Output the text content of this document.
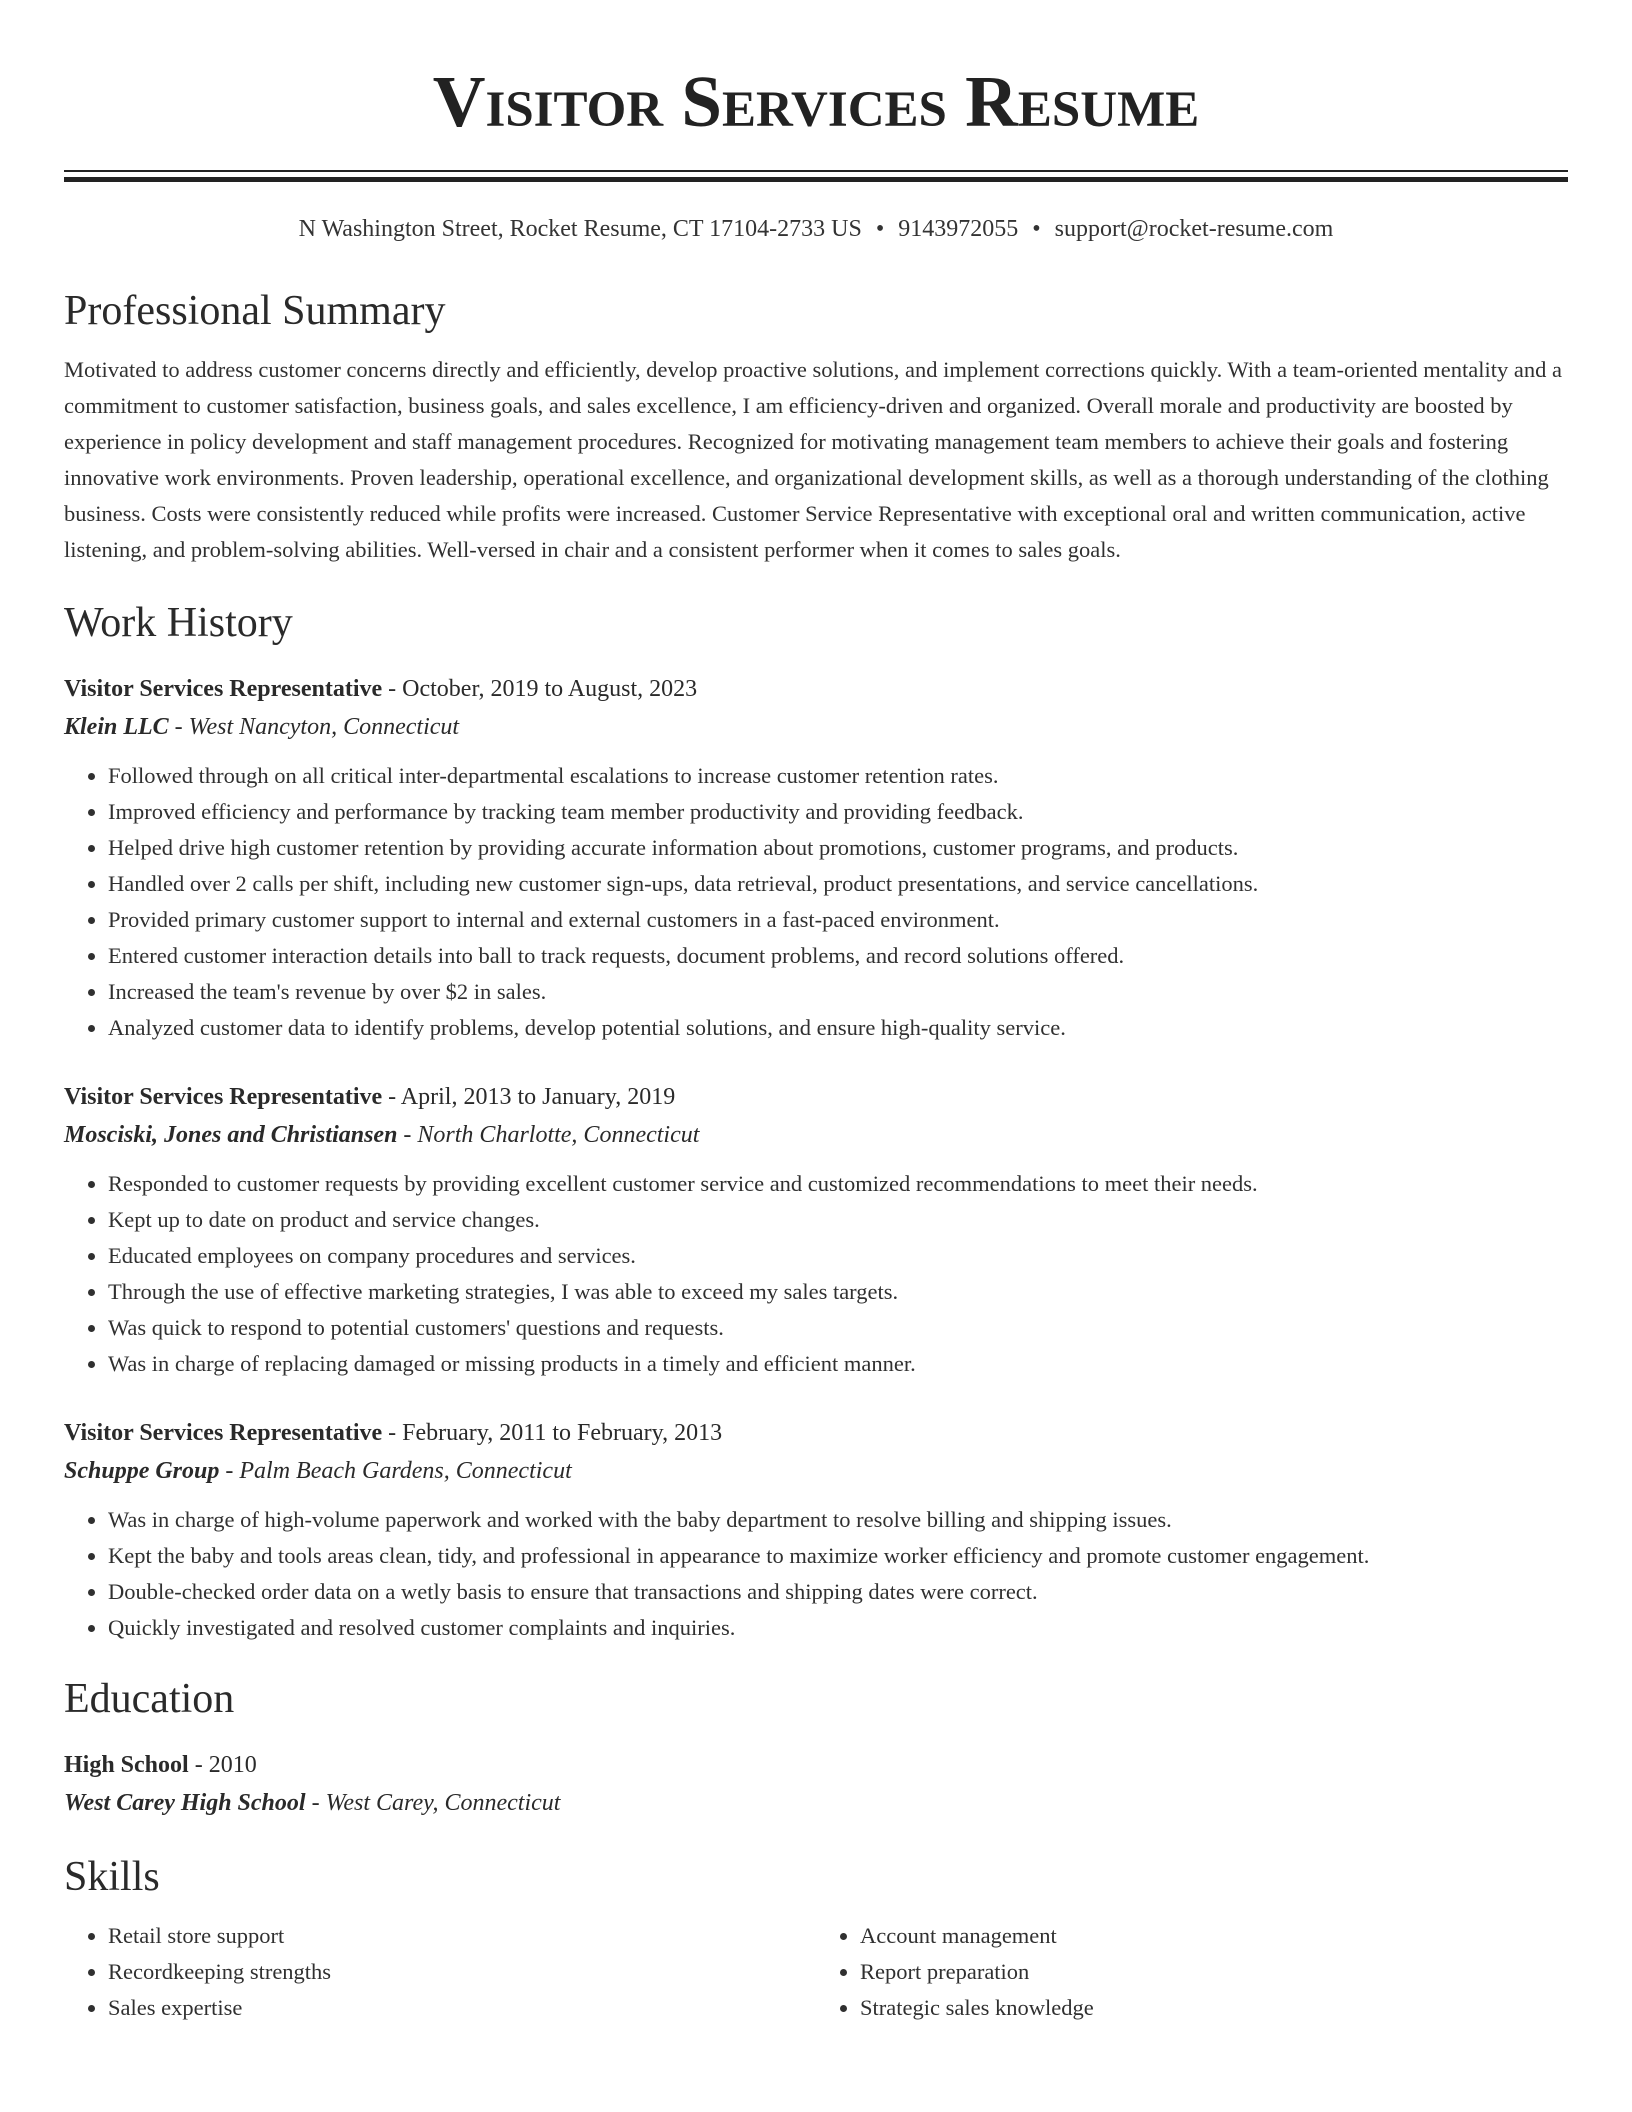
Visitor Services Resume
N Washington Street, Rocket Resume, CT 17104-2733 US • 9143972055 • support@rocket-resume.com
Professional Summary

Motivated to address customer concerns directly and efficiently, develop proactive solutions, and implement corrections quickly. With a team-oriented mentality and a commitment to customer satisfaction, business goals, and sales excellence, I am efficiency-driven and organized. Overall morale and productivity are boosted by experience in policy development and staff management procedures. Recognized for motivating management team members to achieve their goals and fostering innovative work environments. Proven leadership, operational excellence, and organizational development skills, as well as a thorough understanding of the clothing business. Costs were consistently reduced while profits were increased. Customer Service Representative with exceptional oral and written communication, active listening, and problem-solving abilities. Well-versed in chair and a consistent performer when it comes to sales goals.

Work History
Visitor Services Representative - October, 2019 to August, 2023
Klein LLC - West Nancyton, Connecticut
• Followed through on all critical inter-departmental escalations to increase customer retention rates.
• Improved efficiency and performance by tracking team member productivity and providing feedback.
• Helped drive high customer retention by providing accurate information about promotions, customer programs, and products.
• Handled over 2 calls per shift, including new customer sign-ups, data retrieval, product presentations, and service cancellations.
• Provided primary customer support to internal and external customers in a fast-paced environment.
• Entered customer interaction details into ball to track requests, document problems, and record solutions offered.
• Increased the team's revenue by over $2 in sales.
• Analyzed customer data to identify problems, develop potential solutions, and ensure high-quality service.
Visitor Services Representative - April, 2013 to January, 2019
Mosciski, Jones and Christiansen - North Charlotte, Connecticut
• Responded to customer requests by providing excellent customer service and customized recommendations to meet their needs.
• Kept up to date on product and service changes.
• Educated employees on company procedures and services.
• Through the use of effective marketing strategies, I was able to exceed my sales targets.
• Was quick to respond to potential customers' questions and requests.
• Was in charge of replacing damaged or missing products in a timely and efficient manner.
Visitor Services Representative - February, 2011 to February, 2013
Schuppe Group - Palm Beach Gardens, Connecticut
• Was in charge of high-volume paperwork and worked with the baby department to resolve billing and shipping issues.
• Kept the baby and tools areas clean, tidy, and professional in appearance to maximize worker efficiency and promote customer engagement.
• Double-checked order data on a wetly basis to ensure that transactions and shipping dates were correct.
• Quickly investigated and resolved customer complaints and inquiries.
Education
High School - 2010
West Carey High School - West Carey, Connecticut
Skills
• Retail store support
• Recordkeeping strengths
• Sales expertise
• Account management
• Report preparation
• Strategic sales knowledge
